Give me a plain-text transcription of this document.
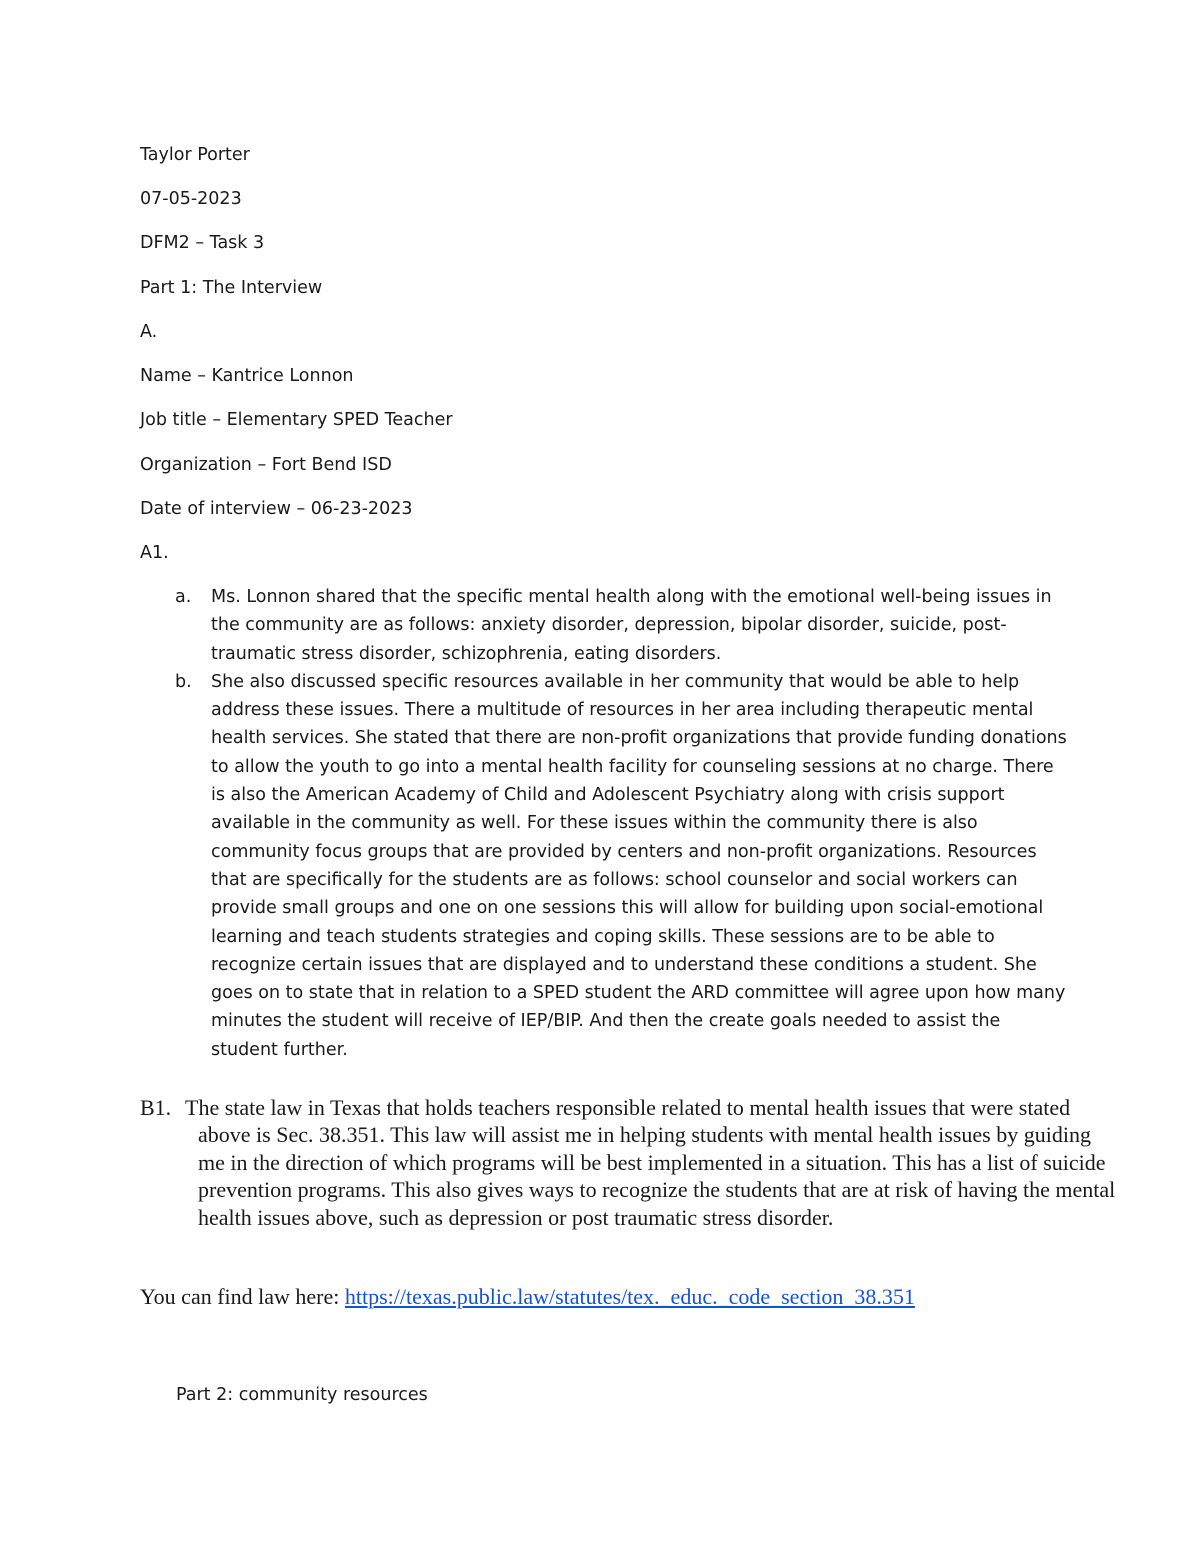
Taylor Porter
07-05-2023
DFM2 – Task 3
Part 1: The Interview
A.
Name – Kantrice Lonnon
Job title – Elementary SPED Teacher
Organization – Fort Bend ISD
Date of interview – 06-23-2023
A1.
a. Ms. Lonnon shared that the specific mental health along with the emotional well-being issues in the community are as follows: anxiety disorder, depression, bipolar disorder, suicide, post-traumatic stress disorder, schizophrenia, eating disorders.
b. She also discussed specific resources available in her community that would be able to help address these issues. There a multitude of resources in her area including therapeutic mental health services. She stated that there are non-profit organizations that provide funding donations to allow the youth to go into a mental health facility for counseling sessions at no charge. There is also the American Academy of Child and Adolescent Psychiatry along with crisis support available in the community as well. For these issues within the community there is also community focus groups that are provided by centers and non-profit organizations. Resources that are specifically for the students are as follows: school counselor and social workers can provide small groups and one on one sessions this will allow for building upon social-emotional learning and teach students strategies and coping skills. These sessions are to be able to recognize certain issues that are displayed and to understand these conditions a student. She goes on to state that in relation to a SPED student the ARD committee will agree upon how many minutes the student will receive of IEP/BIP. And then the create goals needed to assist the student further.
B1. The state law in Texas that holds teachers responsible related to mental health issues that were stated above is Sec. 38.351. This law will assist me in helping students with mental health issues by guiding me in the direction of which programs will be best implemented in a situation. This has a list of suicide prevention programs. This also gives ways to recognize the students that are at risk of having the mental health issues above, such as depression or post traumatic stress disorder.
You can find law here: https://texas.public.law/statutes/tex._educ._code_section_38.351
Part 2: community resources
